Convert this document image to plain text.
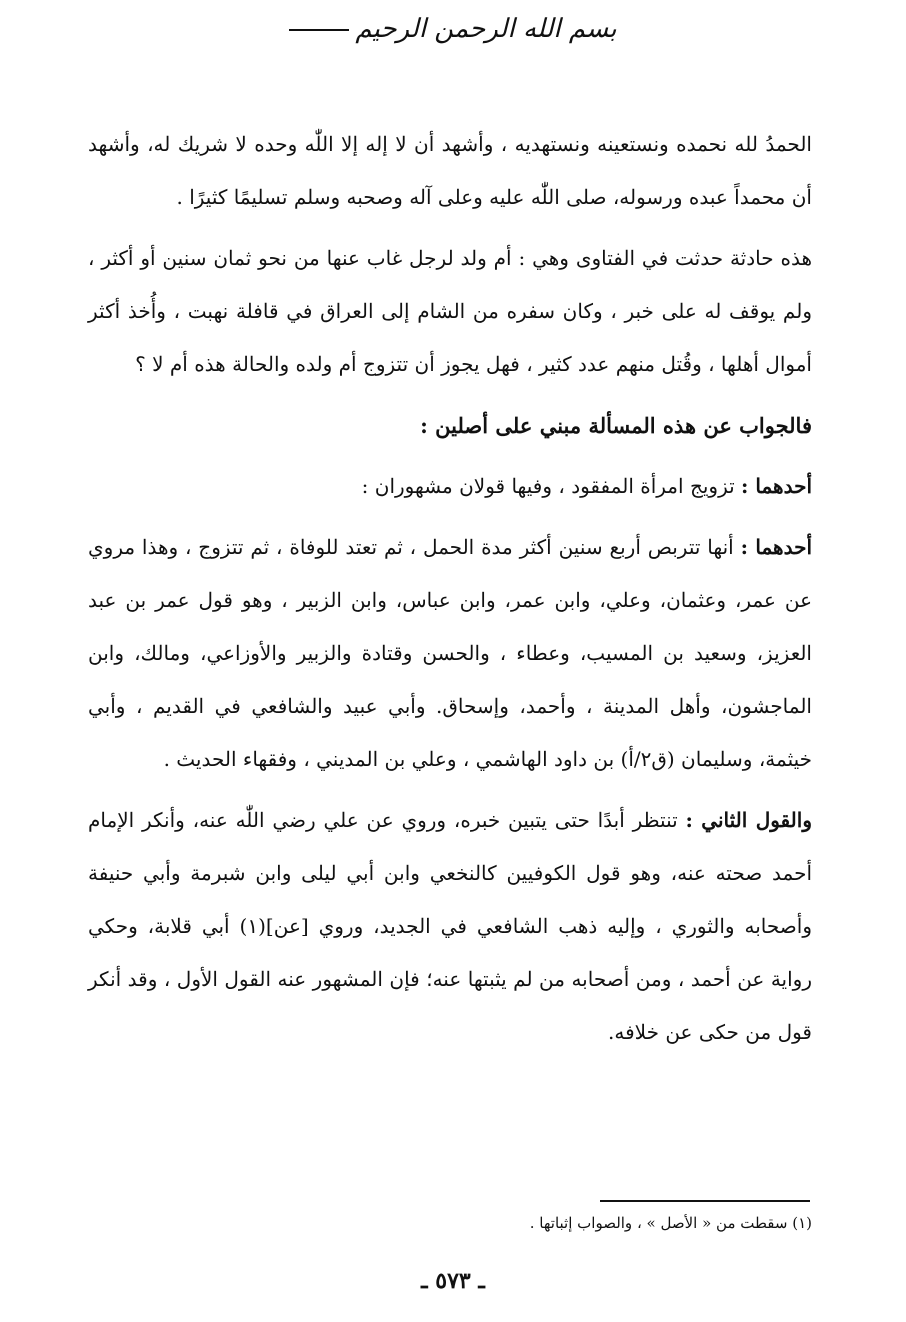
بسم الله الرحمن الرحيم

الحمدُ لله نحمده ونستعينه ونستهديه ، وأشهد أن لا إله إلا اللّٰه وحده لا شريك له، وأشهد أن محمداً عبده ورسوله، صلى اللّٰه عليه وعلى آله وصحبه وسلم تسليمًا كثيرًا .

هذه حادثة حدثت في الفتاوى وهي : أم ولد لرجل غاب عنها من نحو ثمان سنين أو أكثر ، ولم يوقف له على خبر ، وكان سفره من الشام إلى العراق في قافلة نهبت ، وأُخذ أكثر أموال أهلها ، وقُتل منهم عدد كثير ، فهل يجوز أن تتزوج أم ولده والحالة هذه أم لا ؟

فالجواب عن هذه المسألة مبني على أصلين :

أحدهما : تزويج امرأة المفقود ، وفيها قولان مشهوران :

أحدهما : أنها تتربص أربع سنين أكثر مدة الحمل ، ثم تعتد للوفاة ، ثم تتزوج ، وهذا مروي عن عمر، وعثمان، وعلي، وابن عمر، وابن عباس، وابن الزبير ، وهو قول عمر بن عبد العزيز، وسعيد بن المسيب، وعطاء ، والحسن وقتادة والزبير والأوزاعي، ومالك، وابن الماجشون، وأهل المدينة ، وأحمد، وإسحاق. وأبي عبيد والشافعي في القديم ، وأبي خيثمة، وسليمان (ق٢/أ) بن داود الهاشمي ، وعلي بن المديني ، وفقهاء الحديث .

والقول الثاني : تنتظر أبدًا حتى يتبين خبره، وروي عن علي رضي اللّٰه عنه، وأنكر الإمام أحمد صحته عنه، وهو قول الكوفيين كالنخعي وابن أبي ليلى وابن شبرمة وأبي حنيفة وأصحابه والثوري ، وإليه ذهب الشافعي في الجديد، وروي [عن](١) أبي قلابة، وحكي رواية عن أحمد ، ومن أصحابه من لم يثبتها عنه؛ فإن المشهور عنه القول الأول ، وقد أنكر قول من حكى عن خلافه.

(١) سقطت من « الأصل » ، والصواب إثباتها .
ـ ٥٧٣ ـ
